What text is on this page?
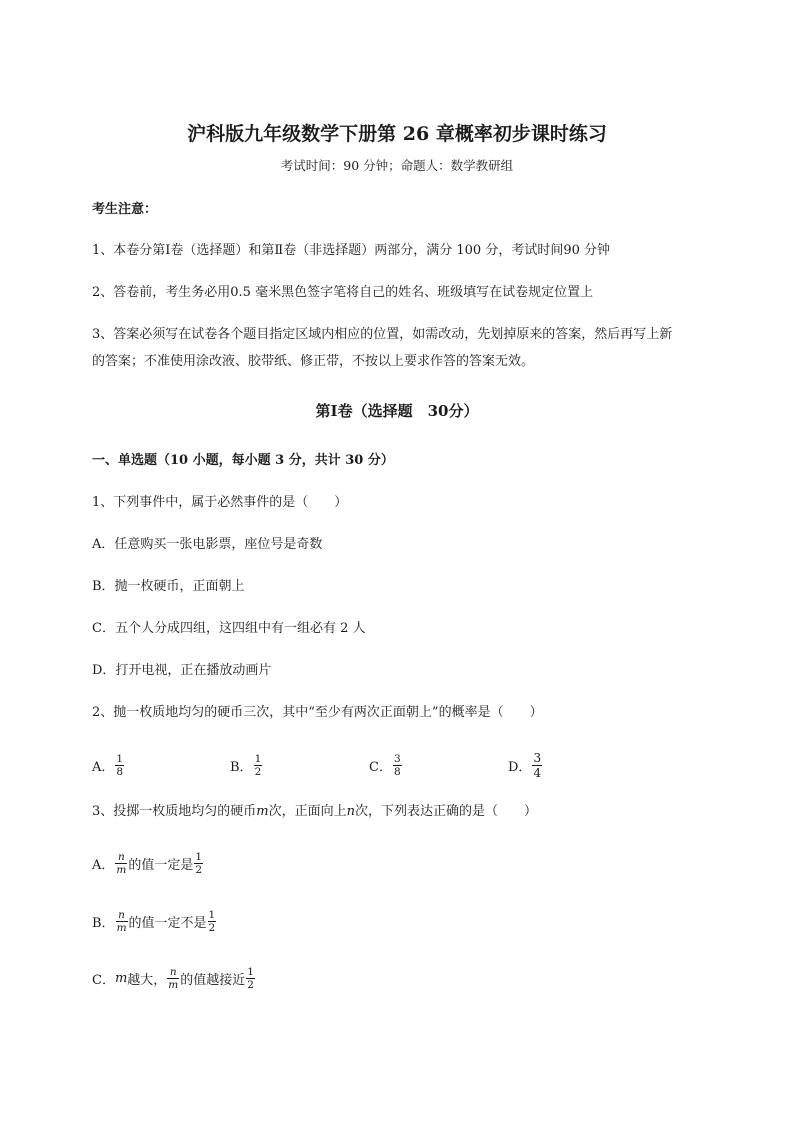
沪科版九年级数学下册第 26 章概率初步课时练习
考试时间：90 分钟；命题人：数学教研组
考生注意：
1、本卷分第Ⅰ卷（选择题）和第Ⅱ卷（非选择题）两部分，满分 100 分，考试时间90 分钟
2、答卷前，考生务必用0.5 毫米黑色签字笔将自己的姓名、班级填写在试卷规定位置上
3、答案必须写在试卷各个题目指定区域内相应的位置，如需改动，先划掉原来的答案，然后再写上新
的答案；不准使用涂改液、胶带纸、修正带，不按以上要求作答的答案无效。
第Ⅰ卷（选择题　30分）
一、单选题（10 小题，每小题 3 分，共计 30 分）
1、下列事件中，属于必然事件的是（　　）
A．任意购买一张电影票，座位号是奇数
B．抛一枚硬币，正面朝上
C．五个人分成四组，这四组中有一组必有 2 人
D．打开电视，正在播放动画片
2、抛一枚质地均匀的硬币三次，其中“至少有两次正面朝上”的概率是（　　）
A． $\frac{1}{8}$	B． $\frac{1}{2}$	C． $\frac{3}{8}$	D． $\frac{3}{4}$
3、投掷一枚质地均匀的硬币m次，正面向上n次，下列表达正确的是（　　）
A． $\frac{n}{m}$ 的值一定是 $\frac{1}{2}$
B． $\frac{n}{m}$ 的值一定不是 $\frac{1}{2}$
C． m 越大， $\frac{n}{m}$ 的值越接近 $\frac{1}{2}$
